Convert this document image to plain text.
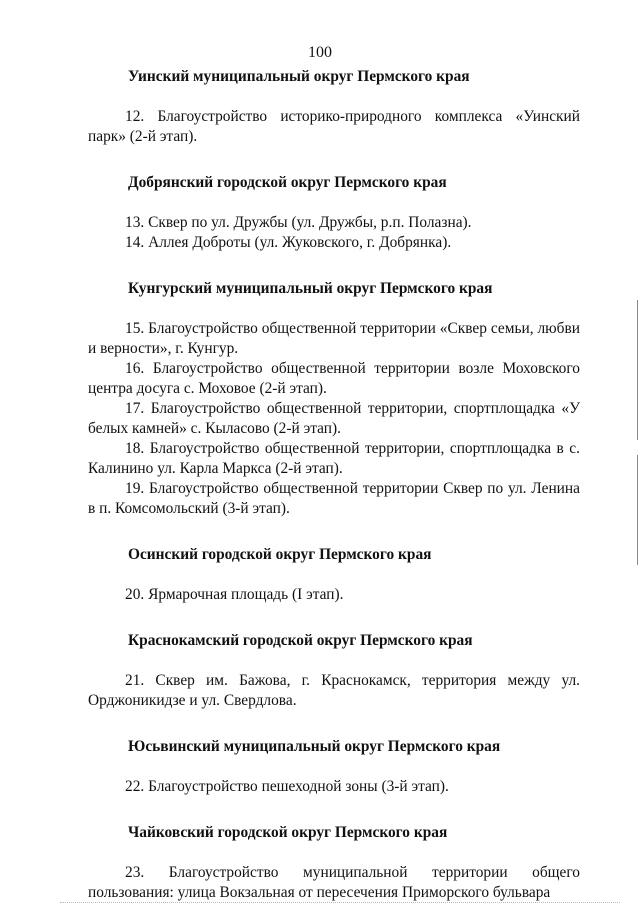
100

Уинский муниципальный округ Пермского края

12. Благоустройство историко-природного комплекса «Уинский парк» (2-й этап).

Добрянский городской округ Пермского края

13. Сквер по ул. Дружбы (ул. Дружбы, р.п. Полазна).

14. Аллея Доброты (ул. Жуковского, г. Добрянка).

Кунгурский муниципальный округ Пермского края

15. Благоустройство общественной территории «Сквер семьи, любви и верности», г. Кунгур.

16. Благоустройство общественной территории возле Моховского центра досуга с. Моховое (2-й этап).

17. Благоустройство общественной территории, спортплощадка «У белых камней» с. Кыласово (2-й этап).

18. Благоустройство общественной территории, спортплощадка в с. Калинино ул. Карла Маркса (2-й этап).

19. Благоустройство общественной территории Сквер по ул. Ленина в п. Комсомольский (3-й этап).

Осинский городской округ Пермского края

20. Ярмарочная площадь (I этап).

Краснокамский городской округ Пермского края

21. Сквер им. Бажова, г. Краснокамск, территория между ул. Орджоникидзе и ул. Свердлова.

Юсьвинский муниципальный округ Пермского края

22. Благоустройство пешеходной зоны (3-й этап).

Чайковский городской округ Пермского края

23. Благоустройство муниципальной территории общего пользования: улица Вокзальная от пересечения Приморского бульвара
